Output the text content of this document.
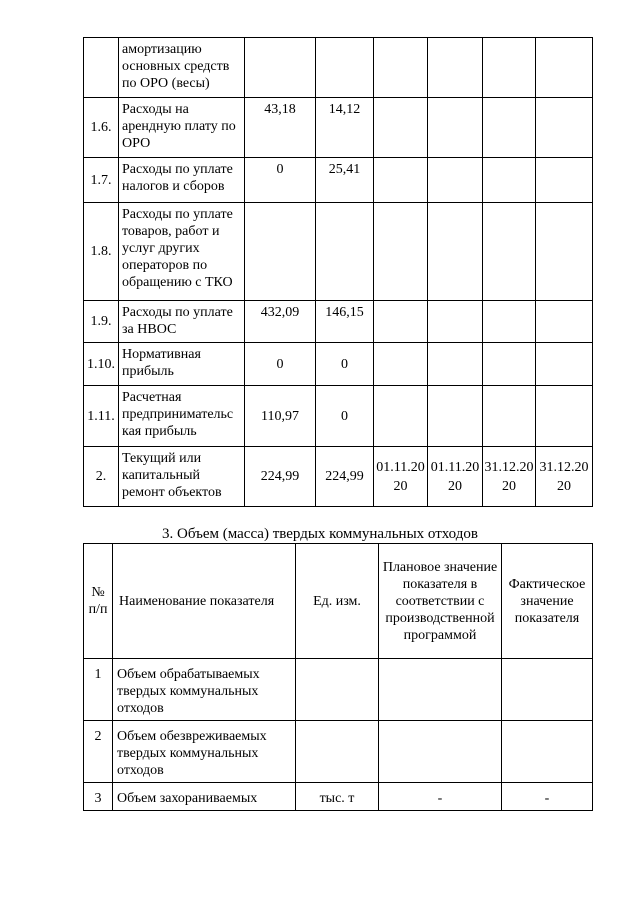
	амортизацию основных средств по ОРО (весы)						
1.6.	Расходы на арендную плату по ОРО	43,18	14,12				
1.7.	Расходы по уплате налогов и сборов	0	25,41				
1.8.	Расходы по уплате товаров, работ и услуг других операторов по обращению с ТКО						
1.9.	Расходы по уплате за НВОС	432,09	146,15				
1.10.	Нормативная прибыль	0	0				
1.11.	Расчетная предпринимательс кая прибыль	110,97	0				
2.	Текущий или капитальный ремонт объектов	224,99	224,99	01.11.2020	01.11.2020	31.12.2020	31.12.2020
3. Объем (масса) твердых коммунальных отходов
№ п/п	Наименование показателя	Ед. изм.	Плановое значение показателя в соответствии с производственной программой	Фактическое значение показателя
1	Объем обрабатываемых твердых коммунальных отходов			
2	Объем обезвреживаемых твердых коммунальных отходов			
3	Объем захораниваемых	тыс. т	-	-
